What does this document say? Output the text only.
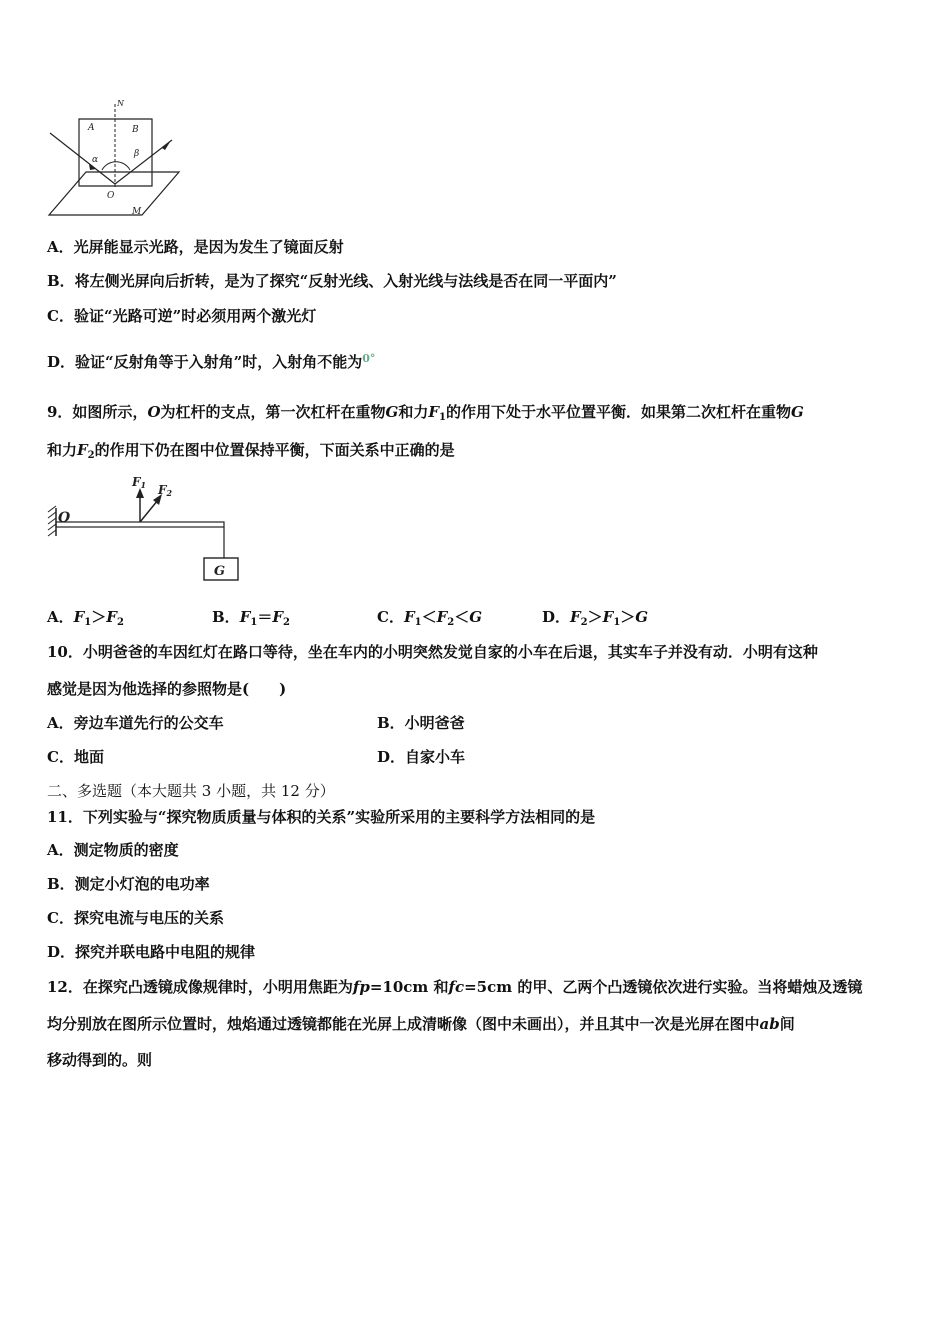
N
A	B
β
α
O
M
A．光屏能显示光路，是因为发生了镜面反射
B．将左侧光屏向后折转，是为了探究“反射光线、入射光线与法线是否在同一平面内”
C．验证“光路可逆”时必须用两个激光灯
D．验证“反射角等于入射角”时，入射角不能为$^{0^\circ}$
9．如图所示，O为杠杆的支点，第一次杠杆在重物G和力$F_1$的作用下处于水平位置平衡．如果第二次杠杆在重物G
和力$F_2$的作用下仍在图中位置保持平衡，下面关系中正确的是
O
G
F1 F2
A．$F_1>F_2$	B．$F_1=F_2$	C．$F_1<F_2<G$	D．$F_2>F_1>G$
10．小明爸爸的车因红灯在路口等待，坐在车内的小明突然发觉自家的小车在后退，其实车子并没有动．小明有这种
感觉是因为他选择的参照物是(　　)
A．旁边车道先行的公交车	B．小明爸爸
C．地面	D．自家小车
二、多选题（本大题共 3 小题，共 12 分）
11．下列实验与“探究物质质量与体积的关系”实验所采用的主要科学方法相同的是
A．测定物质的密度
B．测定小灯泡的电功率
C．探究电流与电压的关系
D．探究并联电路中电阻的规律
12．在探究凸透镜成像规律时，小明用焦距为fp=10cm 和fc=5cm 的甲、乙两个凸透镜依次进行实验。当将蜡烛及透镜
均分别放在图所示位置时，烛焰通过透镜都能在光屏上成清晰像（图中未画出），并且其中一次是光屏在图中ab间
移动得到的。则
